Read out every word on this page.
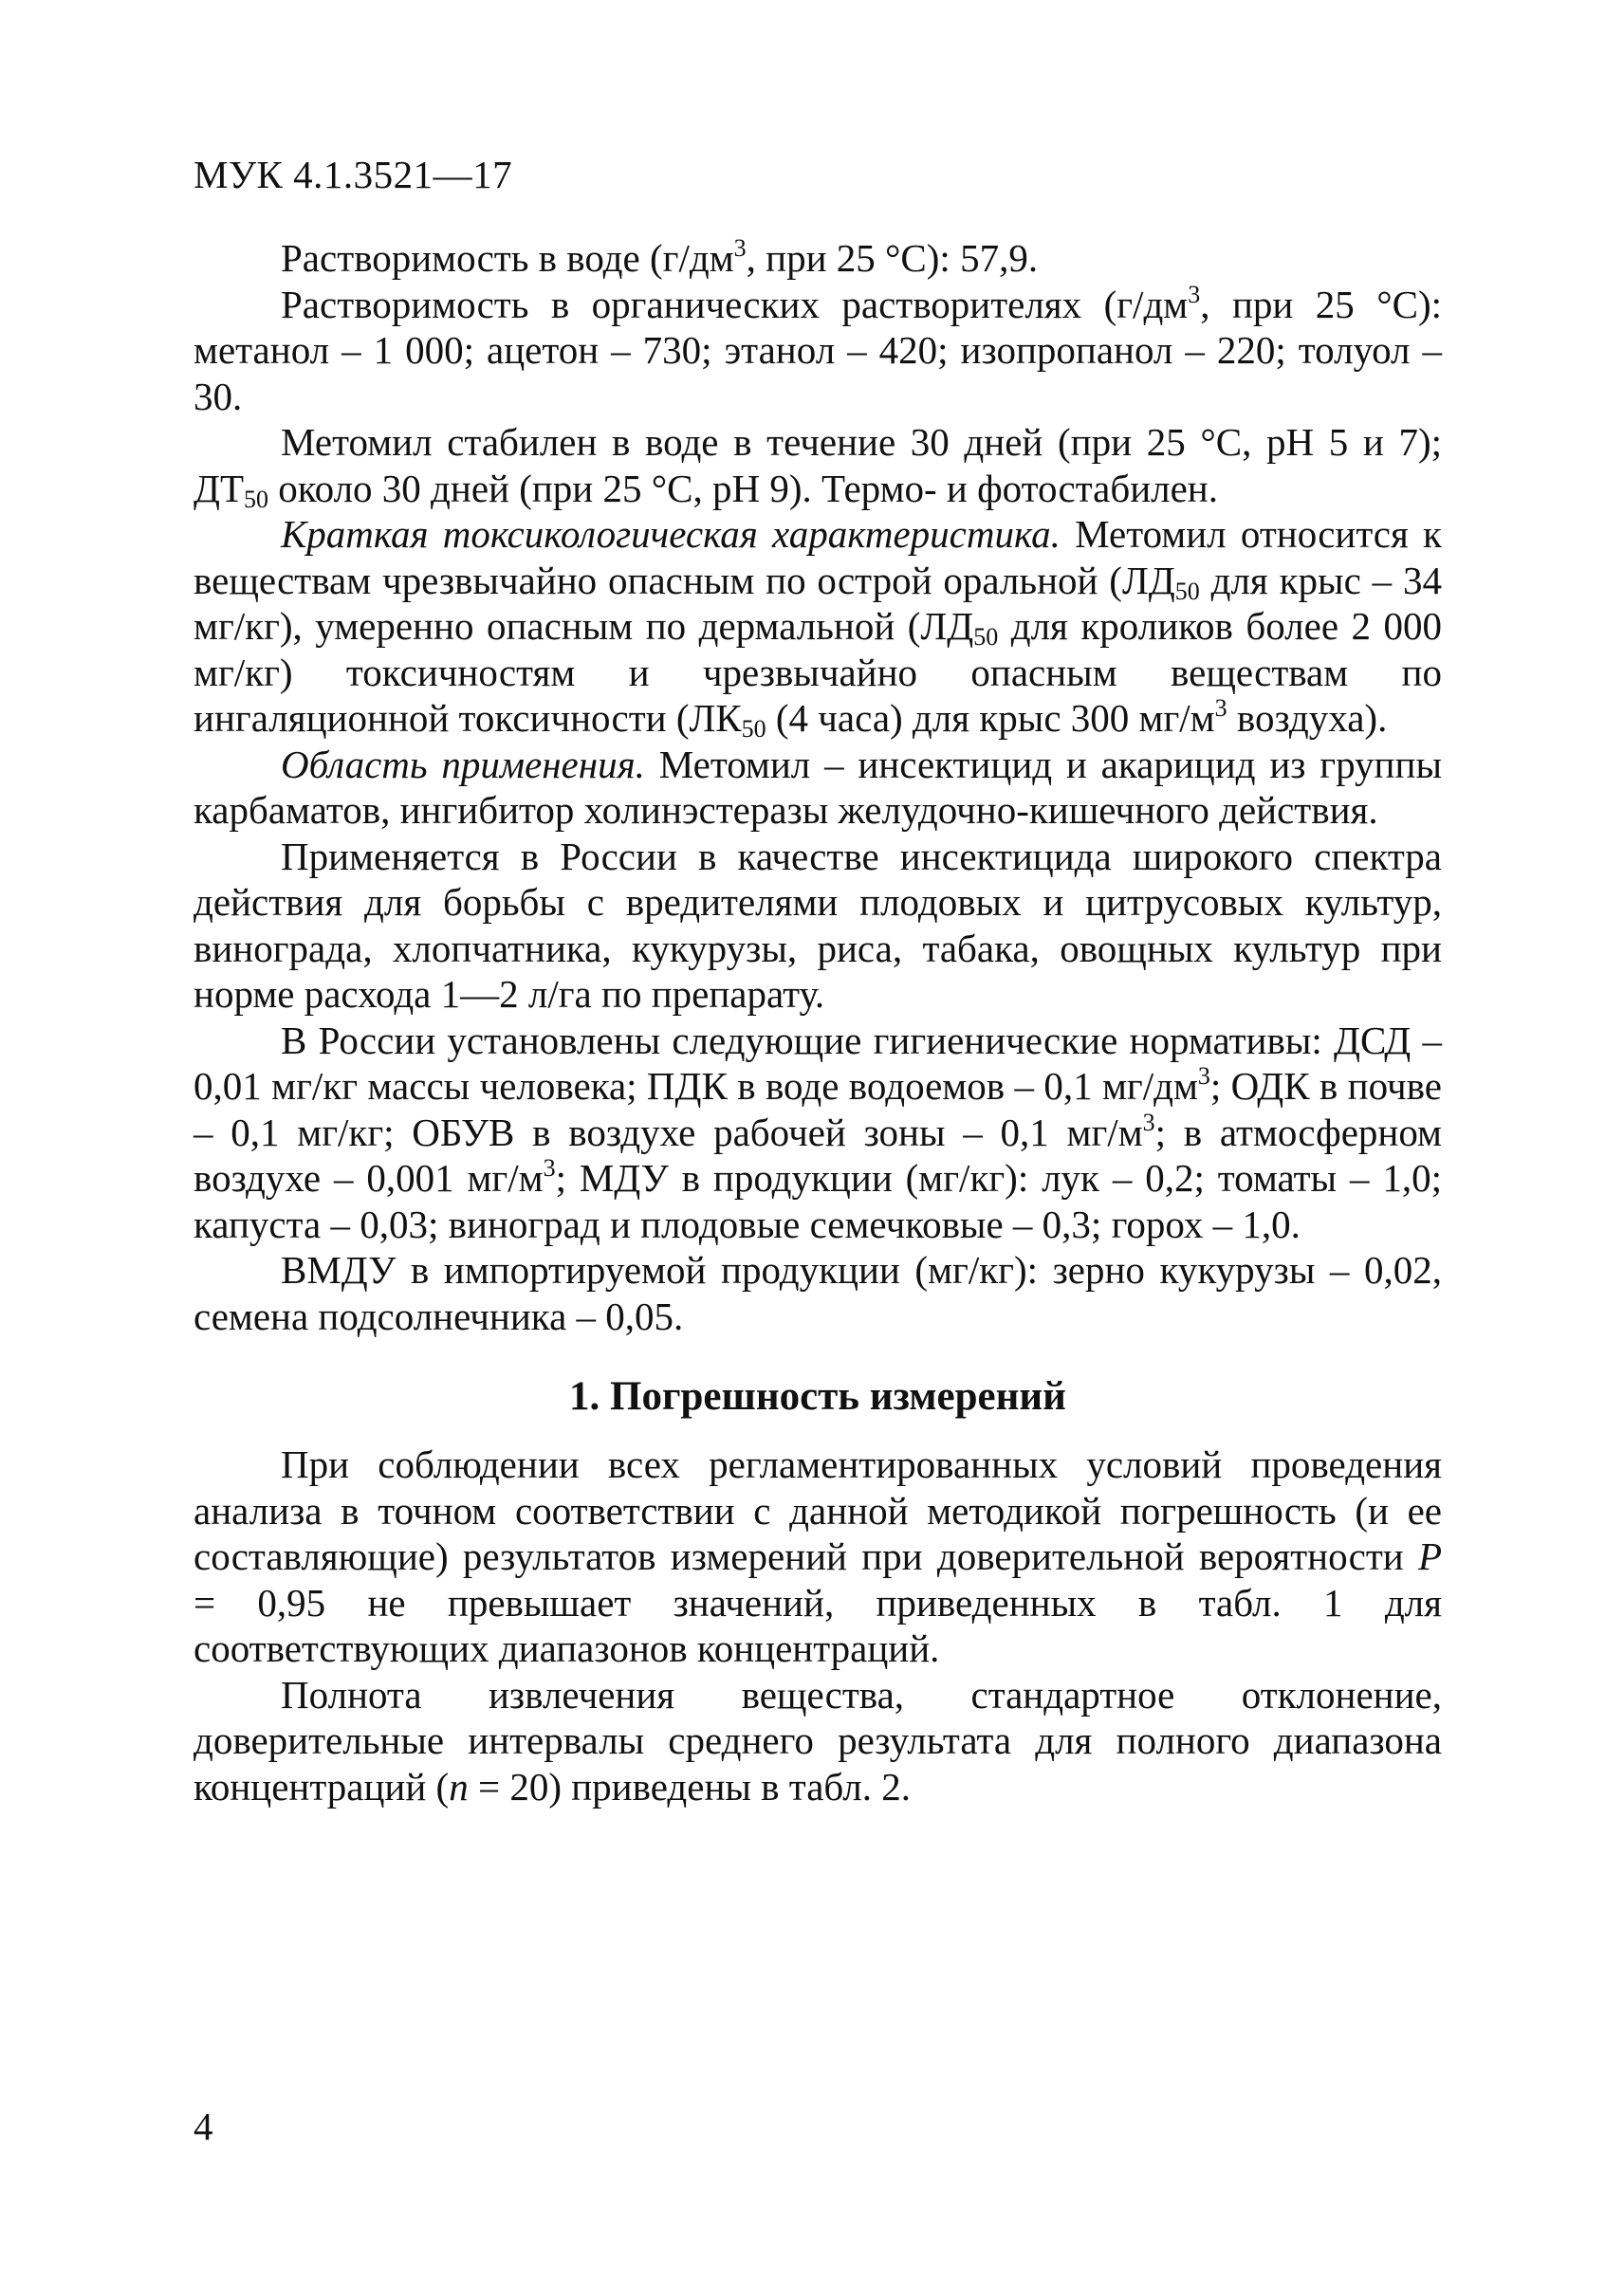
МУК 4.1.3521—17

Растворимость в воде ($г/дм^3$, при 25 °C): 57,9.

Растворимость в органических растворителях ($г/дм^3$, при 25 °C): метанол – 1 000; ацетон – 730; этанол – 420; изопропанол – 220; толуол – 30.

Метомил стабилен в воде в течение 30 дней (при 25 °C, рН 5 и 7); $ДТ_{50}$ около 30 дней (при 25 °C, рН 9). Термо- и фотостабилен.

Краткая токсикологическая характеристика. Метомил относится к веществам чрезвычайно опасным по острой оральной ($ЛД_{50}$ для крыс – 34 мг/кг), умеренно опасным по дермальной ($ЛД_{50}$ для кроликов более 2 000 мг/кг) токсичностям и чрезвычайно опасным веществам по ингаляционной токсичности ($ЛК_{50}$ (4 часа) для крыс 300 $мг/м^3$ воздуха).

Область применения. Метомил – инсектицид и акарицид из группы карбаматов, ингибитор холинэстеразы желудочно-кишечного действия.

Применяется в России в качестве инсектицида широкого спектра действия для борьбы с вредителями плодовых и цитрусовых культур, винограда, хлопчатника, кукурузы, риса, табака, овощных культур при норме расхода 1—2 л/га по препарату.

В России установлены следующие гигиенические нормативы: ДСД – 0,01 мг/кг массы человека; ПДК в воде водоемов – 0,1 $мг/дм^3$; ОДК в почве – 0,1 мг/кг; ОБУВ в воздухе рабочей зоны – 0,1 $мг/м^3$; в атмосферном воздухе – 0,001 $мг/м^3$; МДУ в продукции (мг/кг): лук – 0,2; томаты – 1,0; капуста – 0,03; виноград и плодовые семечковые – 0,3; горох – 1,0.

ВМДУ в импортируемой продукции (мг/кг): зерно кукурузы – 0,02, семена подсолнечника – 0,05.

1. Погрешность измерений

При соблюдении всех регламентированных условий проведения анализа в точном соответствии с данной методикой погрешность (и ее составляющие) результатов измерений при доверительной вероятности P = 0,95 не превышает значений, приведенных в табл. 1 для соответствующих диапазонов концентраций.

Полнота извлечения вещества, стандартное отклонение, доверительные интервалы среднего результата для полного диапазона концентраций (n = 20) приведены в табл. 2.

4
